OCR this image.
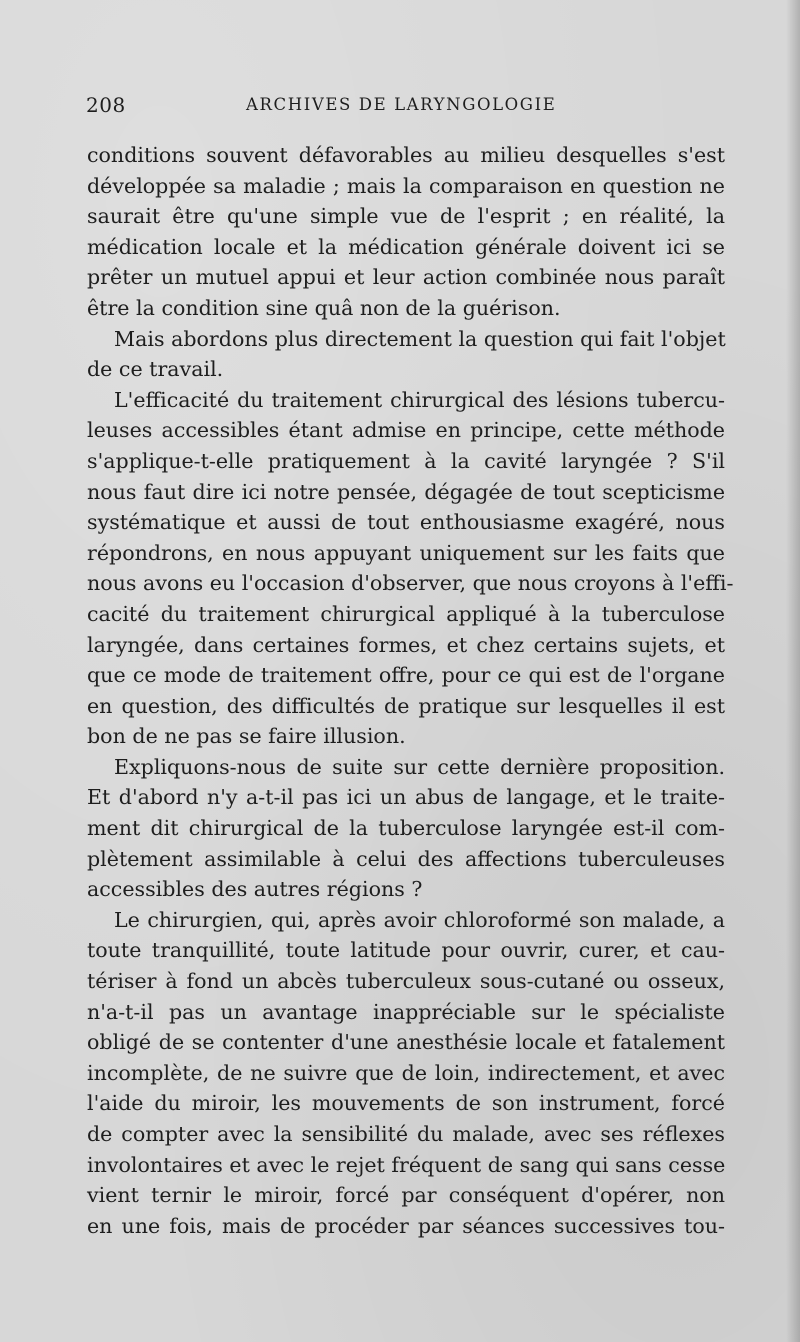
208	ARCHIVES DE LARYNGOLOGIE
conditions souvent défavorables au milieu desquelles s'est
développée sa maladie ; mais la comparaison en question ne
saurait être qu'une simple vue de l'esprit ; en réalité, la
médication locale et la médication générale doivent ici se
prêter un mutuel appui et leur action combinée nous paraît
être la condition sine quâ non de la guérison.
Mais abordons plus directement la question qui fait l'objet
de ce travail.
L'efficacité du traitement chirurgical des lésions tubercu-
leuses accessibles étant admise en principe, cette méthode
s'applique-t-elle pratiquement à la cavité laryngée ? S'il
nous faut dire ici notre pensée, dégagée de tout scepticisme
systématique et aussi de tout enthousiasme exagéré, nous
répondrons, en nous appuyant uniquement sur les faits que
nous avons eu l'occasion d'observer, que nous croyons à l'effi-
cacité du traitement chirurgical appliqué à la tuberculose
laryngée, dans certaines formes, et chez certains sujets, et
que ce mode de traitement offre, pour ce qui est de l'organe
en question, des difficultés de pratique sur lesquelles il est
bon de ne pas se faire illusion.
Expliquons-nous de suite sur cette dernière proposition.
Et d'abord n'y a-t-il pas ici un abus de langage, et le traite-
ment dit chirurgical de la tuberculose laryngée est-il com-
plètement assimilable à celui des affections tuberculeuses
accessibles des autres régions ?
Le chirurgien, qui, après avoir chloroformé son malade, a
toute tranquillité, toute latitude pour ouvrir, curer, et cau-
tériser à fond un abcès tuberculeux sous-cutané ou osseux,
n'a-t-il pas un avantage inappréciable sur le spécialiste
obligé de se contenter d'une anesthésie locale et fatalement
incomplète, de ne suivre que de loin, indirectement, et avec
l'aide du miroir, les mouvements de son instrument, forcé
de compter avec la sensibilité du malade, avec ses réflexes
involontaires et avec le rejet fréquent de sang qui sans cesse
vient ternir le miroir, forcé par conséquent d'opérer, non
en une fois, mais de procéder par séances successives tou-
